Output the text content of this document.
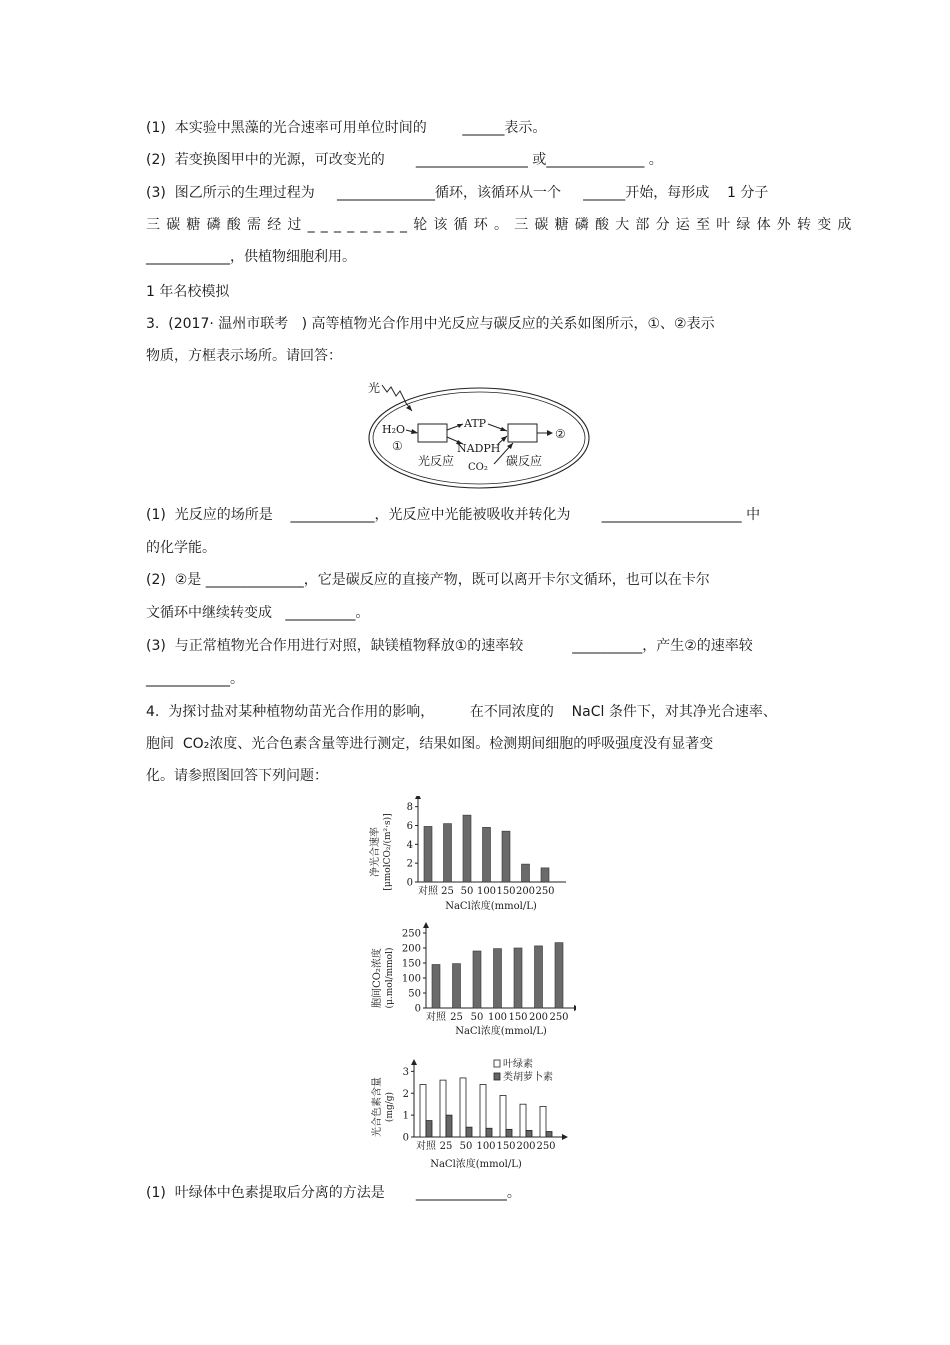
(1)  本实验中黑藻的光合速率可用单位时间的        ______表示。
(2)  若变换图甲中的光源，可改变光的       ________________ 或______________ 。
(3)  图乙所示的生理过程为     ______________循环，该循环从一个     ______开始，每形成    1 分子
三碳糖磷酸需经过________轮该循环。三碳糖磷酸大部分运至叶绿体外转变成
____________，供植物细胞利用。
1 年名校模拟
3.  (2017· 温州市联考   ) 高等植物光合作用中光反应与碳反应的关系如图所示，①、②表示
物质，方框表示场所。请回答：
光
H₂O
①
ATP
NADPH
CO₂
②
光反应	碳反应
(1)  光反应的场所是    ____________，光反应中光能被吸收并转化为       ____________________ 中
的化学能。
(2)  ②是 ______________，它是碳反应的直接产物，既可以离开卡尔文循环，也可以在卡尔
文循环中继续转变成   __________。
(3)  与正常植物光合作用进行对照，缺镁植物释放①的速率较           __________，产生②的速率较
____________。
4.  为探讨盐对某种植物幼苗光合作用的影响，        在不同浓度的    NaCl 条件下，对其净光合速率、
胞间  CO₂浓度、光合色素含量等进行测定，结果如图。检测期间细胞的呼吸强度没有显著变
化。请参照图回答下列问题：
净光合速率 [μmolCO₂/(m²·s)]
NaCl浓度(mmol/L)
0
2
4
6
8
对照 25 50 100 150 200 250
胞间CO₂浓度 (μ.mol/mmol)
NaCl浓度(mmol/L)
0
50
100
150
200
250
对照 25 50 100 150 200 250
光合色素含量 (mg/g)
叶绿素
类胡萝卜素
NaCl浓度(mmol/L)
0
1
2
3
对照 25 50 100 150 200 250
(1)  叶绿体中色素提取后分离的方法是       _____________。
